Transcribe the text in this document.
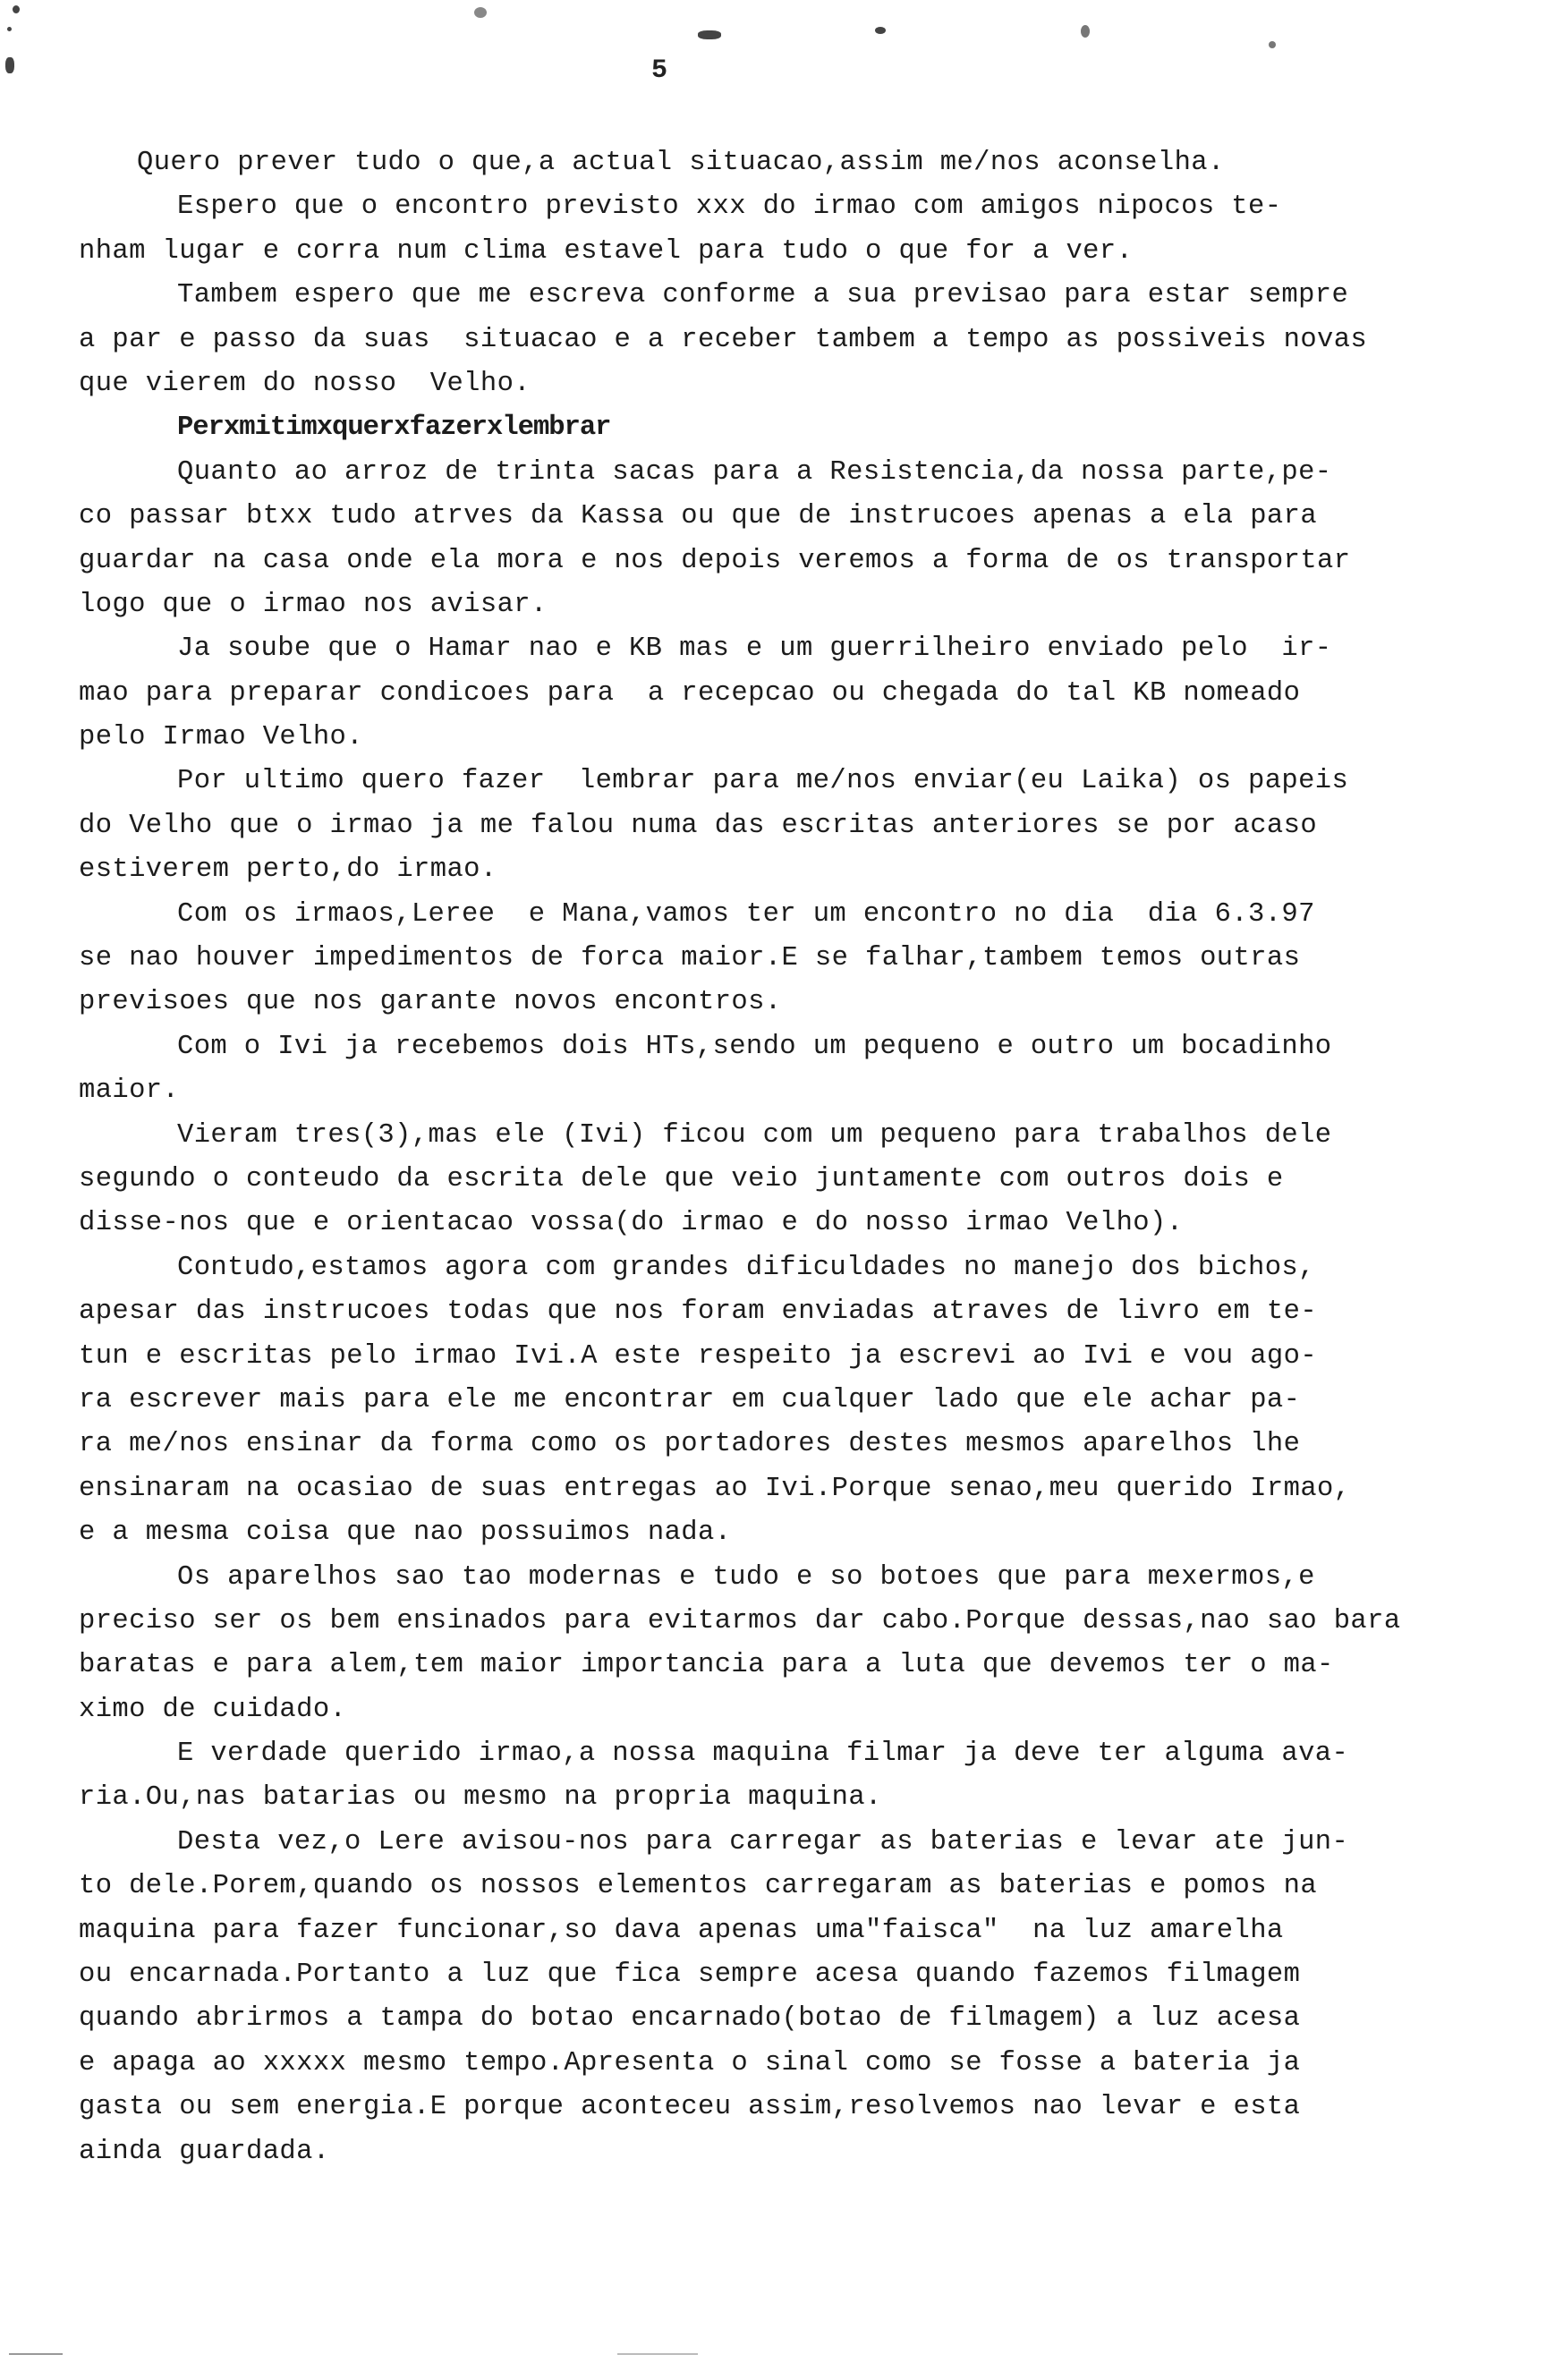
5
Quero prever tudo o que,a actual situacao,assim me/nos aconselha.
Espero que o encontro previsto xxx do irmao com amigos nipocos te-
nham lugar e corra num clima estavel para tudo o que for a ver.
Tambem espero que me escreva conforme a sua previsao para estar sempre
a par e passo da suas  situacao e a receber tambem a tempo as possiveis novas
que vierem do nosso  Velho.
Perxmitimxquerxfazerxlembrar
Quanto ao arroz de trinta sacas para a Resistencia,da nossa parte,pe-
co passar btxx tudo atrves da Kassa ou que de instrucoes apenas a ela para
guardar na casa onde ela mora e nos depois veremos a forma de os transportar
logo que o irmao nos avisar.
Ja soube que o Hamar nao e KB mas e um guerrilheiro enviado pelo  ir-
mao para preparar condicoes para  a recepcao ou chegada do tal KB nomeado
pelo Irmao Velho.
Por ultimo quero fazer  lembrar para me/nos enviar(eu Laika) os papeis
do Velho que o irmao ja me falou numa das escritas anteriores se por acaso
estiverem perto,do irmao.
Com os irmaos,Leree  e Mana,vamos ter um encontro no dia  dia 6.3.97
se nao houver impedimentos de forca maior.E se falhar,tambem temos outras
previsoes que nos garante novos encontros.
Com o Ivi ja recebemos dois HTs,sendo um pequeno e outro um bocadinho
maior.
Vieram tres(3),mas ele (Ivi) ficou com um pequeno para trabalhos dele
segundo o conteudo da escrita dele que veio juntamente com outros dois e
disse-nos que e orientacao vossa(do irmao e do nosso irmao Velho).
Contudo,estamos agora com grandes dificuldades no manejo dos bichos,
apesar das instrucoes todas que nos foram enviadas atraves de livro em te-
tun e escritas pelo irmao Ivi.A este respeito ja escrevi ao Ivi e vou ago-
ra escrever mais para ele me encontrar em cualquer lado que ele achar pa-
ra me/nos ensinar da forma como os portadores destes mesmos aparelhos lhe
ensinaram na ocasiao de suas entregas ao Ivi.Porque senao,meu querido Irmao,
e a mesma coisa que nao possuimos nada.
Os aparelhos sao tao modernas e tudo e so botoes que para mexermos,e
preciso ser os bem ensinados para evitarmos dar cabo.Porque dessas,nao sao bara
baratas e para alem,tem maior importancia para a luta que devemos ter o ma-
ximo de cuidado.
E verdade querido irmao,a nossa maquina filmar ja deve ter alguma ava-
ria.Ou,nas batarias ou mesmo na propria maquina.
Desta vez,o Lere avisou-nos para carregar as baterias e levar ate jun-
to dele.Porem,quando os nossos elementos carregaram as baterias e pomos na
maquina para fazer funcionar,so dava apenas uma"faisca"  na luz amarelha
ou encarnada.Portanto a luz que fica sempre acesa quando fazemos filmagem
quando abrirmos a tampa do botao encarnado(botao de filmagem) a luz acesa
e apaga ao xxxxx mesmo tempo.Apresenta o sinal como se fosse a bateria ja
gasta ou sem energia.E porque aconteceu assim,resolvemos nao levar e esta
ainda guardada.
